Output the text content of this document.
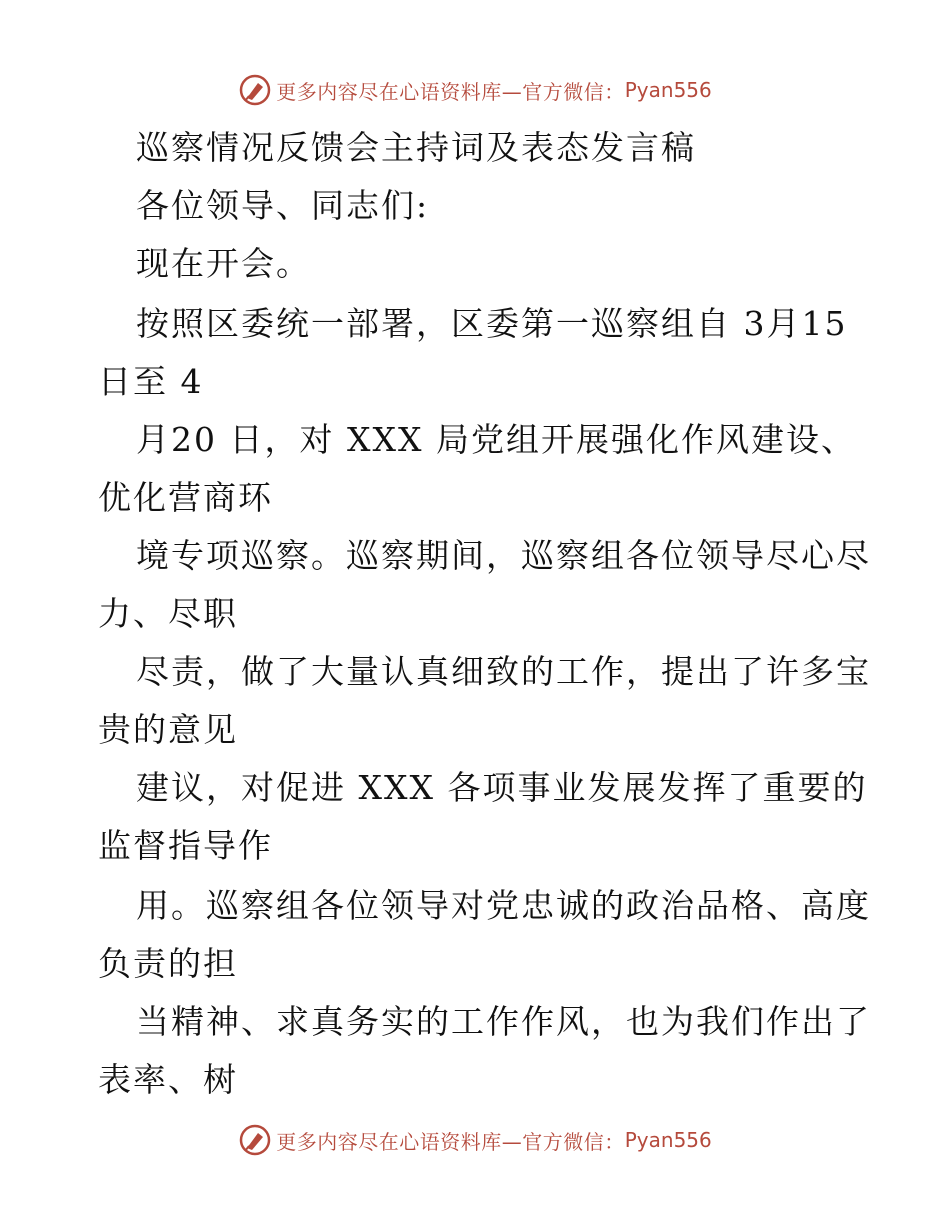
更多内容尽在心语资料库—官方微信： Pyan556
巡察情况反馈会主持词及表态发言稿
各位领导、同志们:
现在开会。
按照区委统一部署，区委第一巡察组自 3月15
日至 4
月20 日，对 XXX 局党组开展强化作风建设、
优化营商环
境专项巡察。巡察期间，巡察组各位领导尽心尽
力、尽职
尽责，做了大量认真细致的工作，提出了许多宝
贵的意见
建议，对促进 XXX 各项事业发展发挥了重要的
监督指导作
用。巡察组各位领导对党忠诚的政治品格、高度
负责的担
当精神、求真务实的工作作风，也为我们作出了
表率、树
更多内容尽在心语资料库—官方微信： Pyan556
